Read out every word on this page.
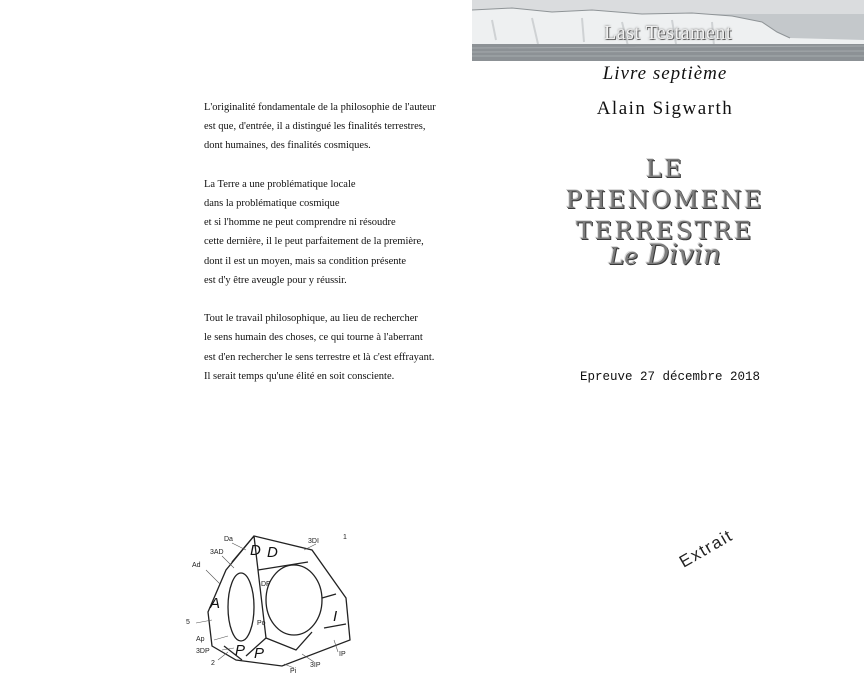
Last Testament

L'originalité fondamentale de la philosophie de l'auteur
est que, d'entrée, il a distingué les finalités terrestres,
dont humaines, des finalités cosmiques.

La Terre a une problématique locale
dans la problématique cosmique
et si l'homme ne peut comprendre ni résoudre
cette dernière, il le peut parfaitement de la première,
dont il est un moyen, mais sa condition présente
est d'y être aveugle pour y réussir.

Tout le travail philosophique, au lieu de rechercher
le sens humain des choses, ce qui tourne à l'aberrant
est d'en rechercher le sens terrestre et là c'est effrayant.
Il serait temps qu'une élité en soit consciente.

Livre septième
Alain Sigwarth
LE PHENOMENE
TERRESTRE
Le Divin
Epreuve 27 décembre 2018
Extrait
D D
A
I
P P
Da	3DI
1
3AD
Ad
DF
Po
5
Ap
3DP
2
Pi
3IP
IP
